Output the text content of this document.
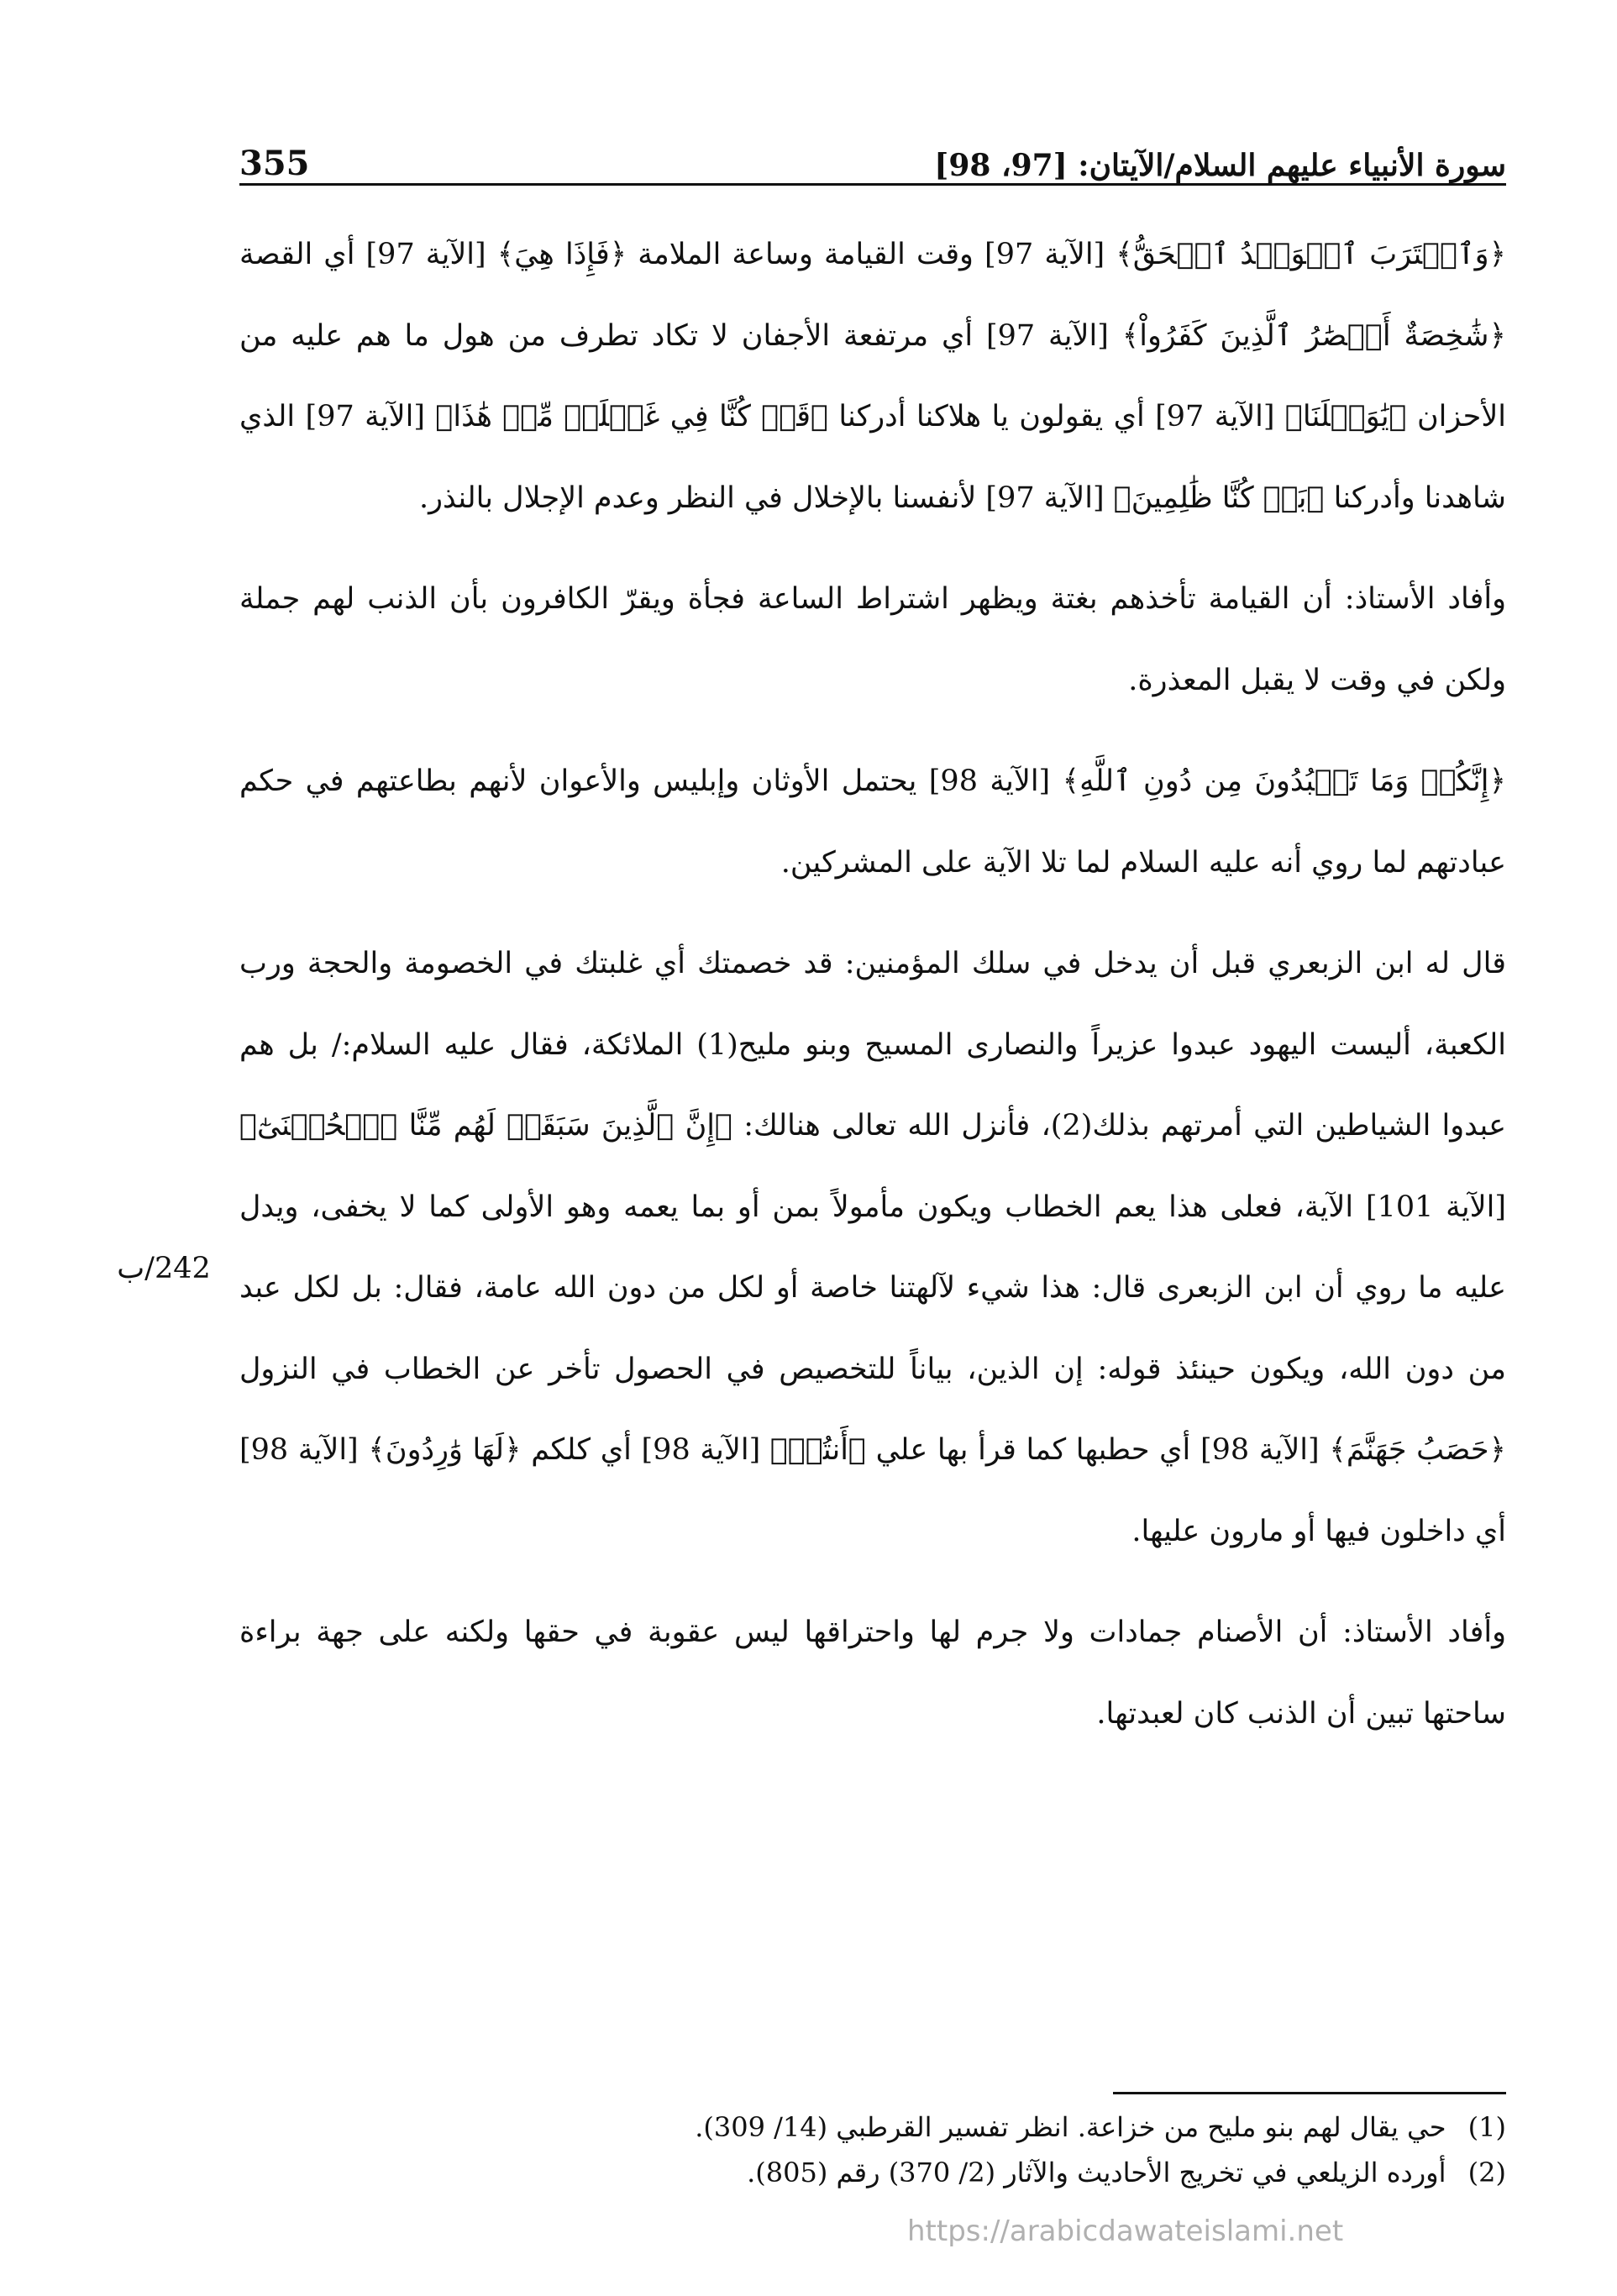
355	سورة الأنبياء عليهم السلام/الآيتان: [97، 98]

﴿وَٱقۡتَرَبَ ٱلۡوَعۡدُ ٱلۡحَقُّ﴾ [الآية 97] وقت القيامة وساعة الملامة ﴿فَإِذَا هِيَ﴾ [الآية 97] أي القصة ﴿شَٰخِصَةٌ أَبۡصَٰرُ ٱلَّذِينَ كَفَرُواْ﴾ [الآية 97] أي مرتفعة الأجفان لا تكاد تطرف من هول ما هم عليه من الأحزان ﴿يَٰوَيۡلَنَا﴾ [الآية 97] أي يقولون يا هلاكنا أدركنا ﴿قَدۡ كُنَّا فِي غَفۡلَةٖ مِّنۡ هَٰذَا﴾ [الآية 97] الذي شاهدنا وأدركنا ﴿بَلۡ كُنَّا ظَٰلِمِينَ﴾ [الآية 97] لأنفسنا بالإخلال في النظر وعدم الإجلال بالنذر.

وأفاد الأستاذ: أن القيامة تأخذهم بغتة ويظهر اشتراط الساعة فجأة ويقرّ الكافرون بأن الذنب لهم جملة ولكن في وقت لا يقبل المعذرة.

﴿إِنَّكُمۡ وَمَا تَعۡبُدُونَ مِن دُونِ ٱللَّهِ﴾ [الآية 98] يحتمل الأوثان وإبليس والأعوان لأنهم بطاعتهم في حكم عبادتهم لما روي أنه عليه السلام لما تلا الآية على المشركين.

قال له ابن الزبعري قبل أن يدخل في سلك المؤمنين: قد خصمتك أي غلبتك في الخصومة والحجة ورب الكعبة، أليست اليهود عبدوا عزيراً والنصارى المسيح وبنو مليح(1) الملائكة، فقال عليه السلام:/ بل هم عبدوا الشياطين التي أمرتهم بذلك(2)، فأنزل الله تعالى هنالك: ﴿إِنَّ ٱلَّذِينَ سَبَقَتۡ لَهُم مِّنَّا ٱلۡحُسۡنَىٰٓ﴾ [الآية 101] الآية، فعلى هذا يعم الخطاب ويكون مأمولاً بمن أو بما يعمه وهو الأولى كما لا يخفى، ويدل عليه ما روي أن ابن الزبعرى قال: هذا شيء لآلهتنا خاصة أو لكل من دون الله عامة، فقال: بل لكل عبد من دون الله، ويكون حينئذ قوله: إن الذين، بياناً للتخصيص في الحصول تأخر عن الخطاب في النزول ﴿حَصَبُ جَهَنَّمَ﴾ [الآية 98] أي حطبها كما قرأ بها علي ﴿أَنتُمۡ﴾ [الآية 98] أي كلكم ﴿لَهَا وَٰرِدُونَ﴾ [الآية 98] أي داخلون فيها أو مارون عليها.

وأفاد الأستاذ: أن الأصنام جمادات ولا جرم لها واحتراقها ليس عقوبة في حقها ولكنه على جهة براءة ساحتها تبين أن الذنب كان لعبدتها.

242/ب
(1) حي يقال لهم بنو مليح من خزاعة. انظر تفسير القرطبي (14/ 309).
(2) أورده الزيلعي في تخريج الأحاديث والآثار (2/ 370) رقم (805).
https://arabicdawateislami.net
